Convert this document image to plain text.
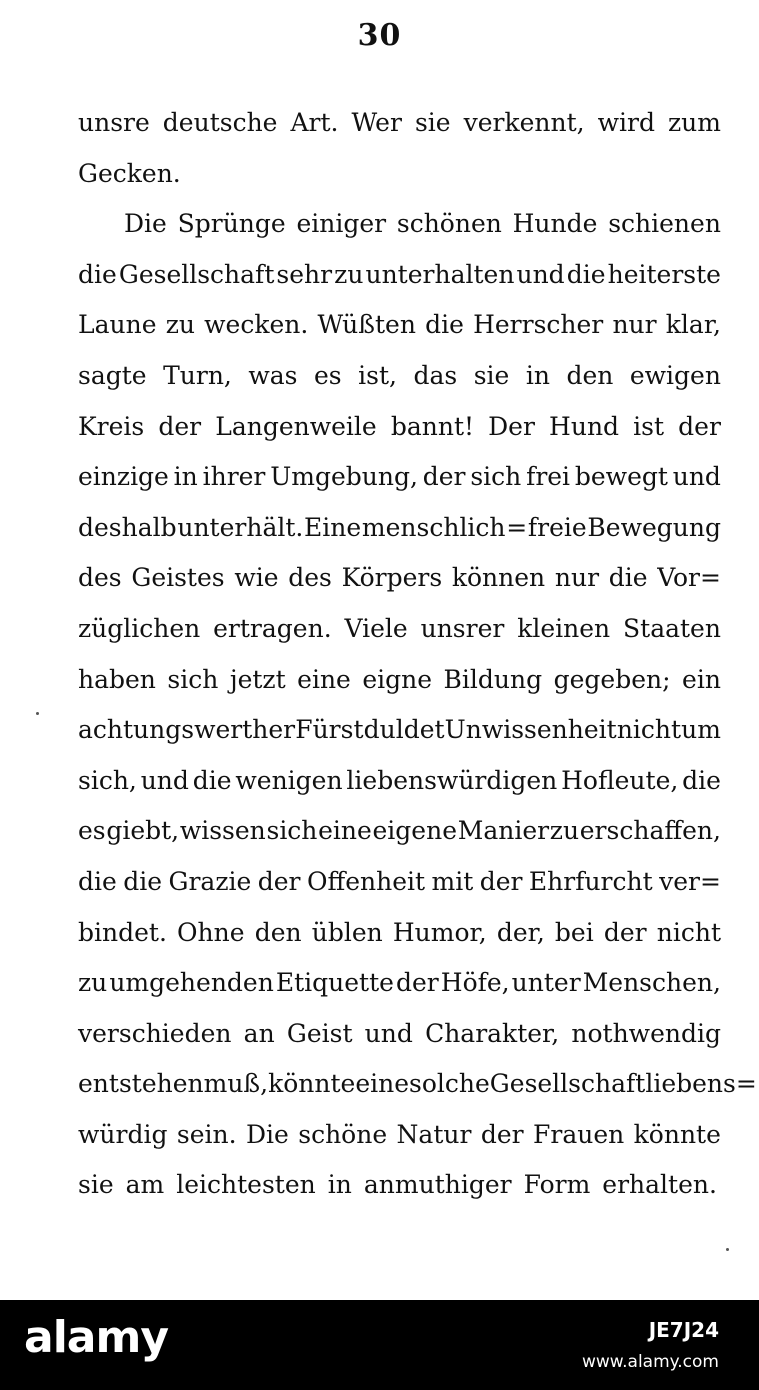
30
unsre deutsche Art. Wer sie verkennt, wird zum
Gecken.
Die Sprünge einiger schönen Hunde schienen
die Gesellschaft sehr zu unterhalten und die heiterste
Laune zu wecken. Wüßten die Herrscher nur klar,
sagte Turn, was es ist, das sie in den ewigen
Kreis der Langenweile bannt! Der Hund ist der
einzige in ihrer Umgebung, der sich frei bewegt und
deshalb unterhält. Eine menschlich = freie Bewegung
des Geistes wie des Körpers können nur die Vor=
züglichen ertragen. Viele unsrer kleinen Staaten
haben sich jetzt eine eigne Bildung gegeben; ein
achtungswerther Fürst duldet Unwissenheit nicht um
sich, und die wenigen liebenswürdigen Hofleute, die
es giebt, wissen sich eine eigene Manier zu erschaffen,
die die Grazie der Offenheit mit der Ehrfurcht ver=
bindet. Ohne den üblen Humor, der, bei der nicht
zu umgehenden Etiquette der Höfe, unter Menschen,
verschieden an Geist und Charakter, nothwendig
entstehen muß, könnte eine solche Gesellschaft liebens=
würdig sein. Die schöne Natur der Frauen könnte
sie am leichtesten in anmuthiger Form erhalten.
alamy	JE7J24
www.alamy.com
